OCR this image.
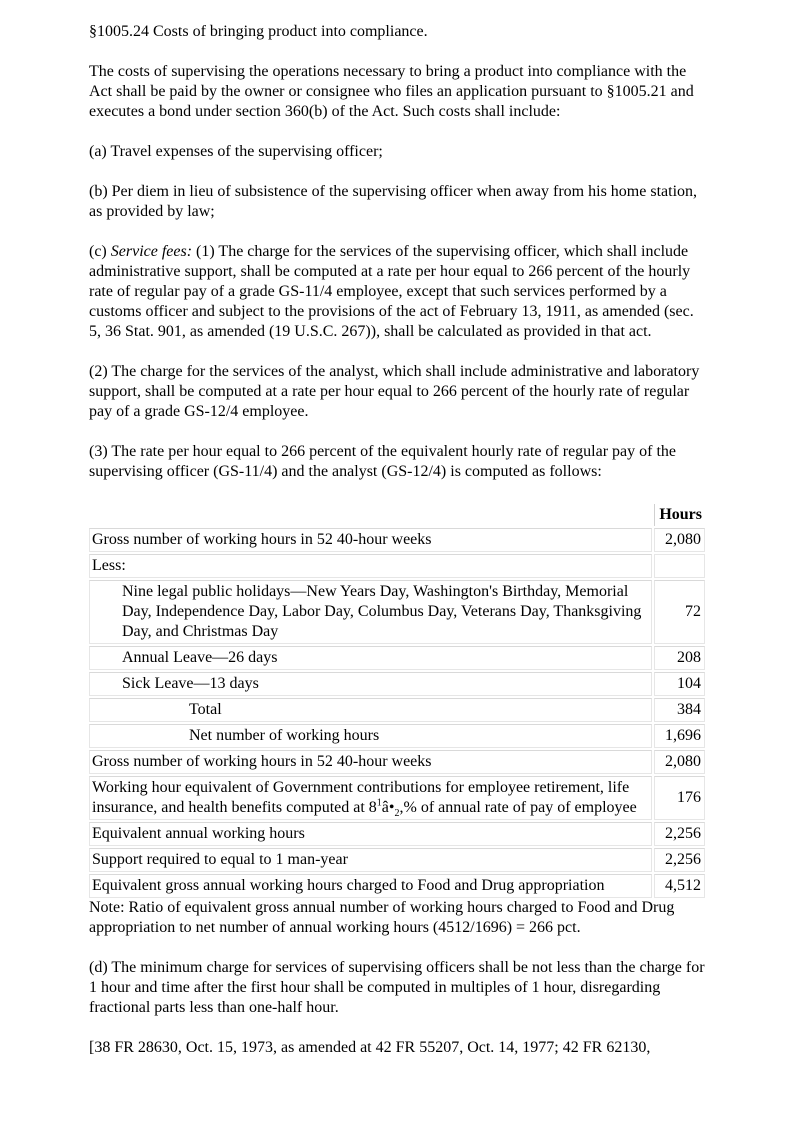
§1005.24 Costs of bringing product into compliance.

The costs of supervising the operations necessary to bring a product into compliance with the Act shall be paid by the owner or consignee who files an application pursuant to §1005.21 and executes a bond under section 360(b) of the Act. Such costs shall include:

(a) Travel expenses of the supervising officer;

(b) Per diem in lieu of subsistence of the supervising officer when away from his home station, as provided by law;

(c) Service fees: (1) The charge for the services of the supervising officer, which shall include administrative support, shall be computed at a rate per hour equal to 266 percent of the hourly rate of regular pay of a grade GS-11/4 employee, except that such services performed by a customs officer and subject to the provisions of the act of February 13, 1911, as amended (sec. 5, 36 Stat. 901, as amended (19 U.S.C. 267)), shall be calculated as provided in that act.

(2) The charge for the services of the analyst, which shall include administrative and laboratory support, shall be computed at a rate per hour equal to 266 percent of the hourly rate of regular pay of a grade GS-12/4 employee.

(3) The rate per hour equal to 266 percent of the equivalent hourly rate of regular pay of the supervising officer (GS-11/4) and the analyst (GS-12/4) is computed as follows:

	Hours
Gross number of working hours in 52 40-hour weeks	2,080
Less:	
Nine legal public holidays—New Years Day, Washington's Birthday, Memorial Day, Independence Day, Labor Day, Columbus Day, Veterans Day, Thanksgiving Day, and Christmas Day	72
Annual Leave—26 days	208
Sick Leave—13 days	104
Total	384
Net number of working hours	1,696
Gross number of working hours in 52 40-hour weeks	2,080
Working hour equivalent of Government contributions for employee retirement, life insurance, and health benefits computed at $8^1â•_2,\%$ of annual rate of pay of employee	176
Equivalent annual working hours	2,256
Support required to equal to 1 man-year	2,256
Equivalent gross annual working hours charged to Food and Drug appropriation	4,512

Note: Ratio of equivalent gross annual number of working hours charged to Food and Drug appropriation to net number of annual working hours (4512/1696) = 266 pct.

(d) The minimum charge for services of supervising officers shall be not less than the charge for 1 hour and time after the first hour shall be computed in multiples of 1 hour, disregarding fractional parts less than one-half hour.

[38 FR 28630, Oct. 15, 1973, as amended at 42 FR 55207, Oct. 14, 1977; 42 FR 62130,
